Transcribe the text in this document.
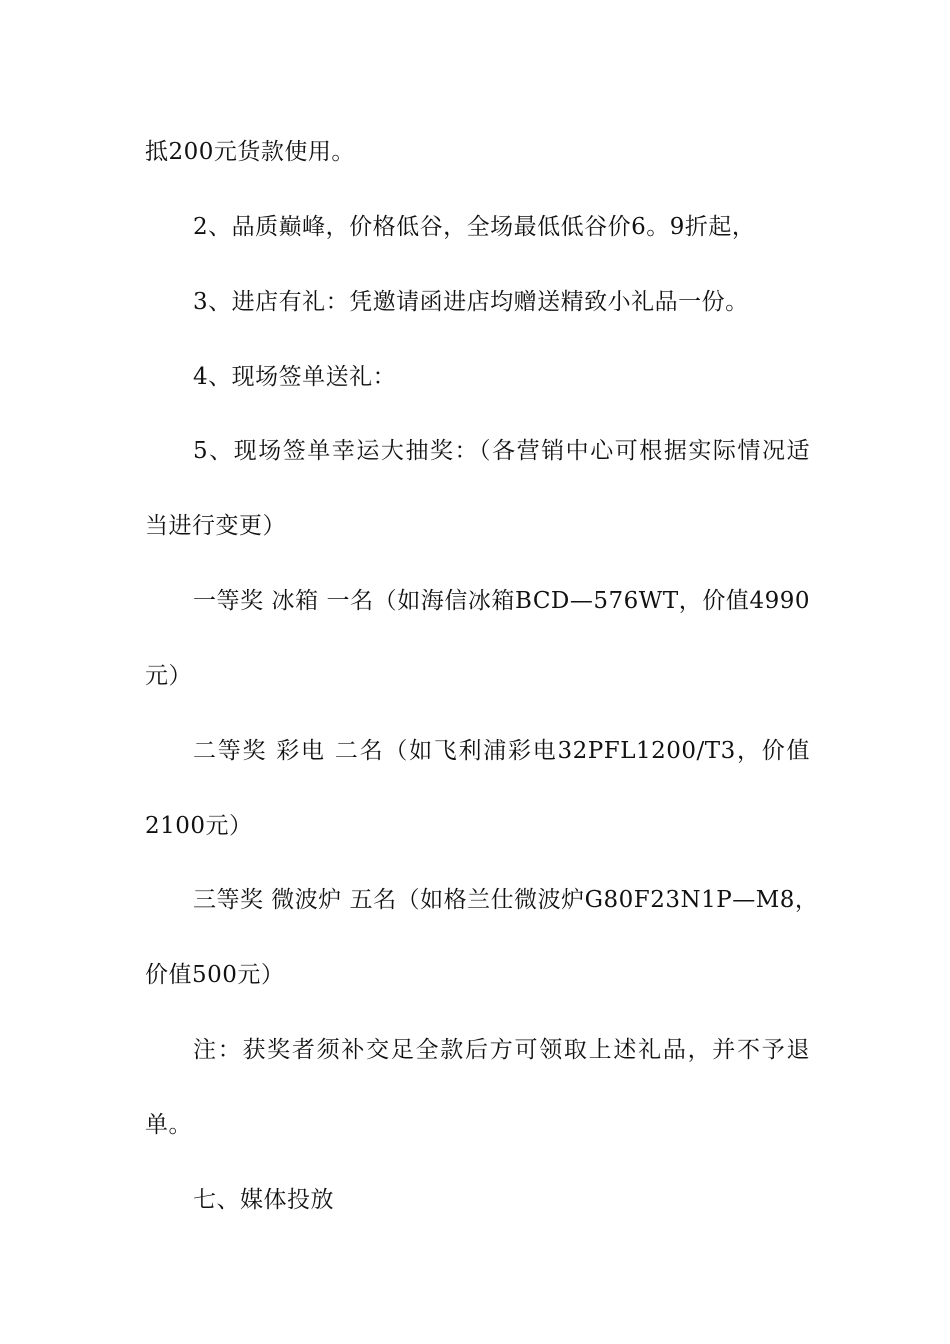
抵200元货款使用。

2、品质巅峰，价格低谷，全场最低低谷价6。9折起，

3、进店有礼：凭邀请函进店均赠送精致小礼品一份。

4、现场签单送礼：

5、现场签单幸运大抽奖：（各营销中心可根据实际情况适

当进行变更）

一等奖 冰箱 一名（如海信冰箱BCD—576WT，价值4990

元）

二等奖 彩电 二名（如飞利浦彩电32PFL1200/T3，价值

2100元）

三等奖 微波炉 五名（如格兰仕微波炉G80F23N1P—M8，

价值500元）

注：获奖者须补交足全款后方可领取上述礼品，并不予退

单。

七、媒体投放
